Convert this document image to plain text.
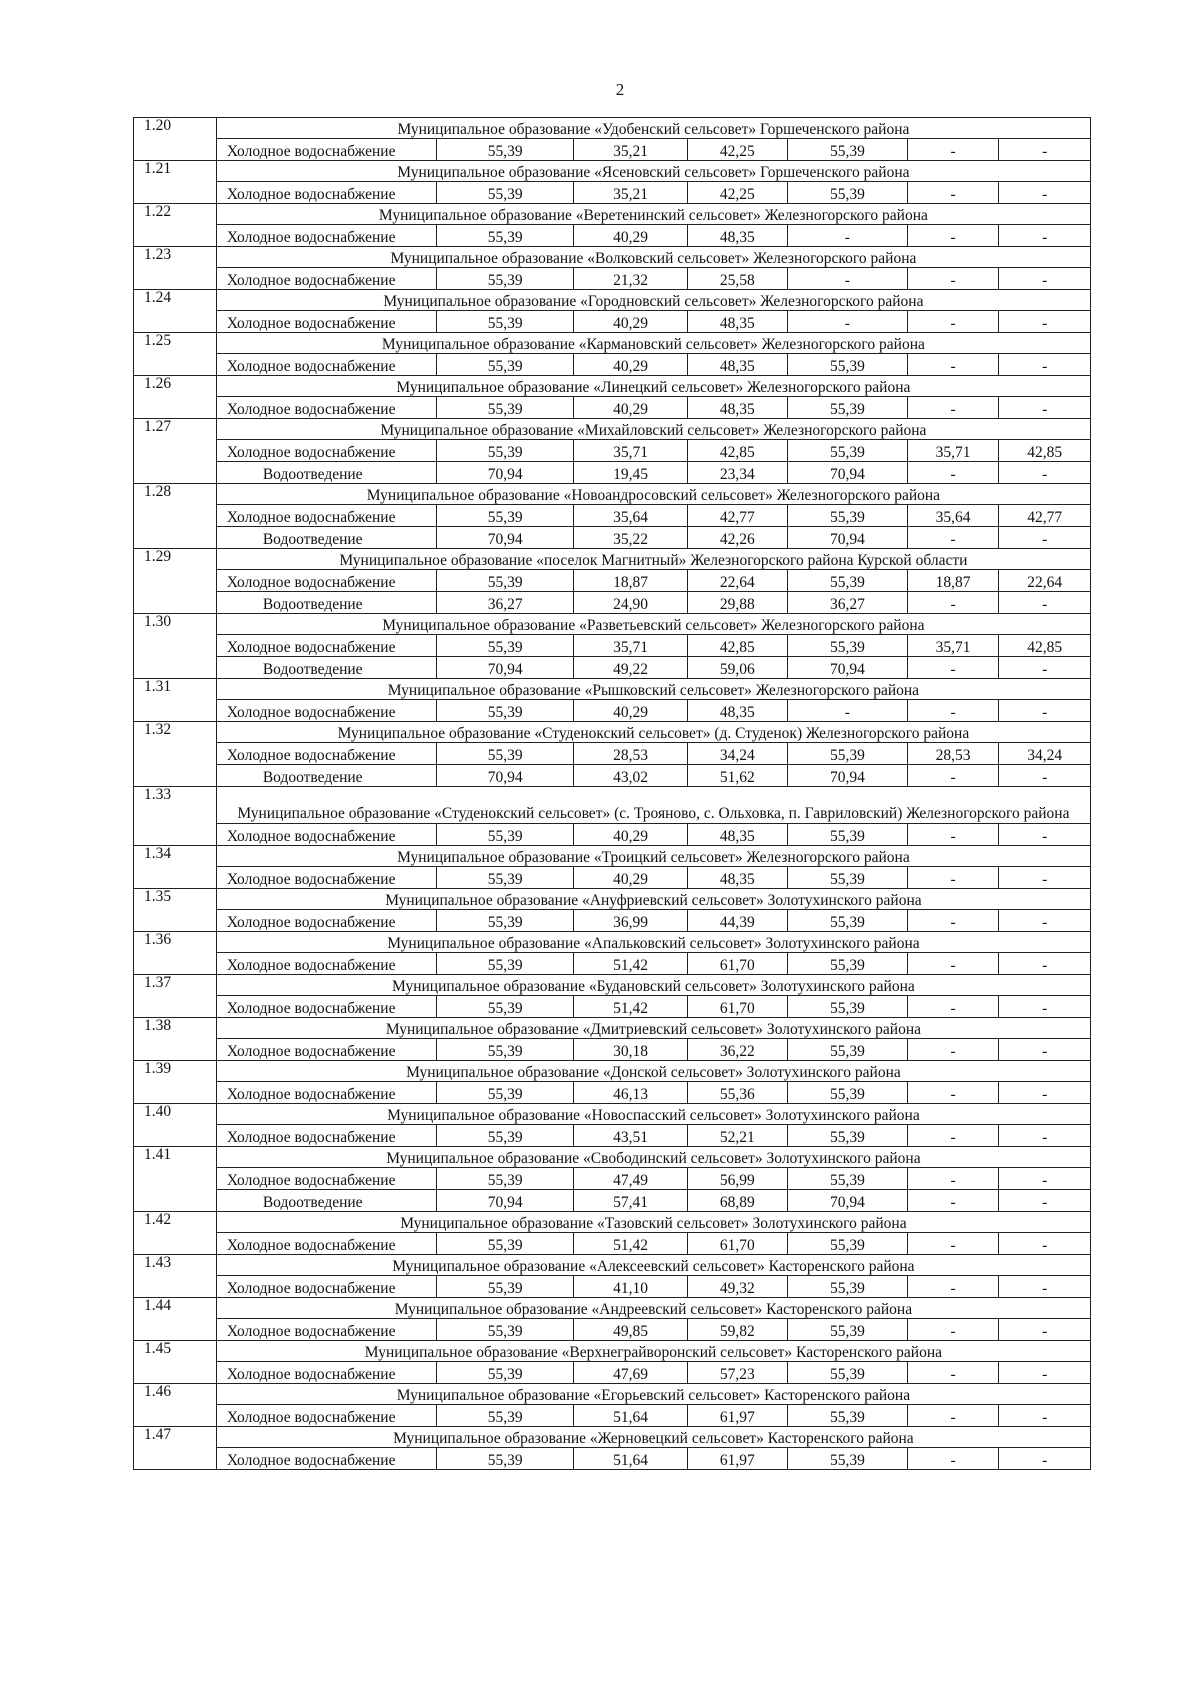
2
1.20	Муниципальное образование «Удобенский сельсовет» Горшеченского района						
	Холодное водоснабжение	55,39	35,21	42,25	55,39	-	-
1.21	Муниципальное образование «Ясеновский сельсовет» Горшеченского района						
	Холодное водоснабжение	55,39	35,21	42,25	55,39	-	-
1.22	Муниципальное образование «Веретенинский сельсовет» Железногорского района						
	Холодное водоснабжение	55,39	40,29	48,35	-	-	-
1.23	Муниципальное образование «Волковский сельсовет» Железногорского района						
	Холодное водоснабжение	55,39	21,32	25,58	-	-	-
1.24	Муниципальное образование «Городновский сельсовет» Железногорского района						
	Холодное водоснабжение	55,39	40,29	48,35	-	-	-
1.25	Муниципальное образование «Кармановский сельсовет» Железногорского района						
	Холодное водоснабжение	55,39	40,29	48,35	55,39	-	-
1.26	Муниципальное образование «Линецкий сельсовет» Железногорского района						
	Холодное водоснабжение	55,39	40,29	48,35	55,39	-	-
1.27	Муниципальное образование «Михайловский сельсовет» Железногорского района						
	Холодное водоснабжение	55,39	35,71	42,85	55,39	35,71	42,85
	Водоотведение	70,94	19,45	23,34	70,94	-	-
1.28	Муниципальное образование «Новоандросовский сельсовет» Железногорского района						
	Холодное водоснабжение	55,39	35,64	42,77	55,39	35,64	42,77
	Водоотведение	70,94	35,22	42,26	70,94	-	-
1.29	Муниципальное образование «поселок Магнитный» Железногорского района Курской области						
	Холодное водоснабжение	55,39	18,87	22,64	55,39	18,87	22,64
	Водоотведение	36,27	24,90	29,88	36,27	-	-
1.30	Муниципальное образование «Разветьевский сельсовет» Железногорского района						
	Холодное водоснабжение	55,39	35,71	42,85	55,39	35,71	42,85
	Водоотведение	70,94	49,22	59,06	70,94	-	-
1.31	Муниципальное образование «Рышковский сельсовет» Железногорского района						
	Холодное водоснабжение	55,39	40,29	48,35	-	-	-
1.32	Муниципальное образование «Студенокский сельсовет» (д. Студенок) Железногорского района						
	Холодное водоснабжение	55,39	28,53	34,24	55,39	28,53	34,24
	Водоотведение	70,94	43,02	51,62	70,94	-	-
1.33	Муниципальное образование «Студенокский сельсовет» (с. Трояново, с. Ольховка, п. Гавриловский) Железногорского района						
	Холодное водоснабжение	55,39	40,29	48,35	55,39	-	-
1.34	Муниципальное образование «Троицкий сельсовет» Железногорского района						
	Холодное водоснабжение	55,39	40,29	48,35	55,39	-	-
1.35	Муниципальное образование «Ануфриевский сельсовет» Золотухинского района						
	Холодное водоснабжение	55,39	36,99	44,39	55,39	-	-
1.36	Муниципальное образование «Апальковский сельсовет» Золотухинского района						
	Холодное водоснабжение	55,39	51,42	61,70	55,39	-	-
1.37	Муниципальное образование «Будановский сельсовет» Золотухинского района						
	Холодное водоснабжение	55,39	51,42	61,70	55,39	-	-
1.38	Муниципальное образование «Дмитриевский сельсовет» Золотухинского района						
	Холодное водоснабжение	55,39	30,18	36,22	55,39	-	-
1.39	Муниципальное образование «Донской сельсовет» Золотухинского района						
	Холодное водоснабжение	55,39	46,13	55,36	55,39	-	-
1.40	Муниципальное образование «Новоспасский сельсовет» Золотухинского района						
	Холодное водоснабжение	55,39	43,51	52,21	55,39	-	-
1.41	Муниципальное образование «Свободинский сельсовет» Золотухинского района						
	Холодное водоснабжение	55,39	47,49	56,99	55,39	-	-
	Водоотведение	70,94	57,41	68,89	70,94	-	-
1.42	Муниципальное образование «Тазовский сельсовет» Золотухинского района						
	Холодное водоснабжение	55,39	51,42	61,70	55,39	-	-
1.43	Муниципальное образование «Алексеевский сельсовет» Касторенского района						
	Холодное водоснабжение	55,39	41,10	49,32	55,39	-	-
1.44	Муниципальное образование «Андреевский сельсовет» Касторенского района						
	Холодное водоснабжение	55,39	49,85	59,82	55,39	-	-
1.45	Муниципальное образование «Верхнеграйворонский сельсовет» Касторенского района						
	Холодное водоснабжение	55,39	47,69	57,23	55,39	-	-
1.46	Муниципальное образование «Егорьевский сельсовет» Касторенского района						
	Холодное водоснабжение	55,39	51,64	61,97	55,39	-	-
1.47	Муниципальное образование «Жерновецкий сельсовет» Касторенского района						
	Холодное водоснабжение	55,39	51,64	61,97	55,39	-	-
